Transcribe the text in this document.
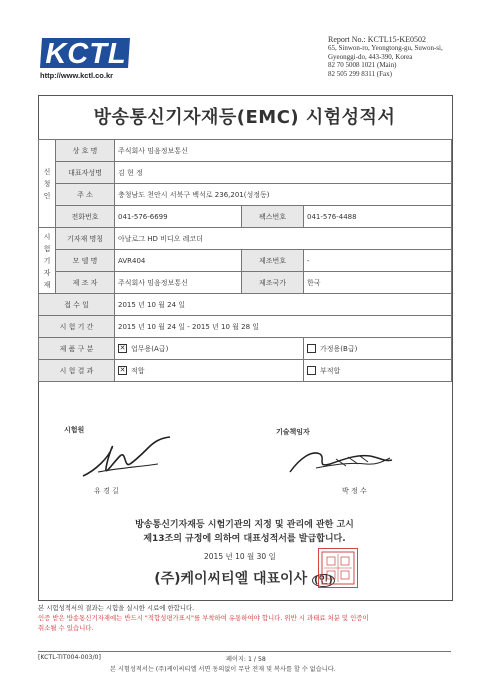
KCTL
http://www.kctl.co.kr
Report No.: KCTL15-KE0502
65, Sinwon-ro, Yeongtong-gu, Suwon-si,
Gyeonggi-do, 443-390, Korea
82 70 5008 1021 (Main)
82 505 299 8311 (Fax)
방송통신기자재등(EMC) 시험성적서
신청인	상 호 명	주식회사 밈음정보통신		
	대표자성명	김 현 정		
	주 소	충청남도 천안시 서북구 백석로 236,201(성정동)		
	전화번호	041-576-6699	팩스번호	041-576-4488
시험기자재	기자재 명칭	아날로그 HD 비디오 레코더		
	모 델 명	AVR404	제조번호	-
	제 조 자	주식회사 밈음정보통신	제조국가	한국
접 수 일		2015 년 10 월 24 일		
시 험 기 간		2015 년 10 월 24 일 - 2015 년 10 월 28 일		
제 품 구 분		✕ 업무용(A급)		가정용(B급)
시 험 결 과		✕ 적합		부적합
시험원
유 경 길
기술책임자
박 정 수
방송통신기자재등 시험기관의 지정 및 관리에 관한 고시
제13조의 규정에 의하여 대표성적서를 발급합니다.
2015 년 10 월 30 일
(주)케이씨티엘 대표이사 (인)
본 시험성적서의 결과는 시험을 실시한 시료에 한합니다.
인증 받은 방송통신기자재에는 반드시 "적합성평가표시"를 부착하여 유통하여야 합니다. 위반 시 과태료 처분 및 인증이
취소될 수 있습니다.
[KCTL-TIT004-003/0]	페이지: 1 / 58
본 시험성적서는 (주)케이씨티엘 서면 동의없이 무단 전재 및 복사를 할 수 없습니다.
